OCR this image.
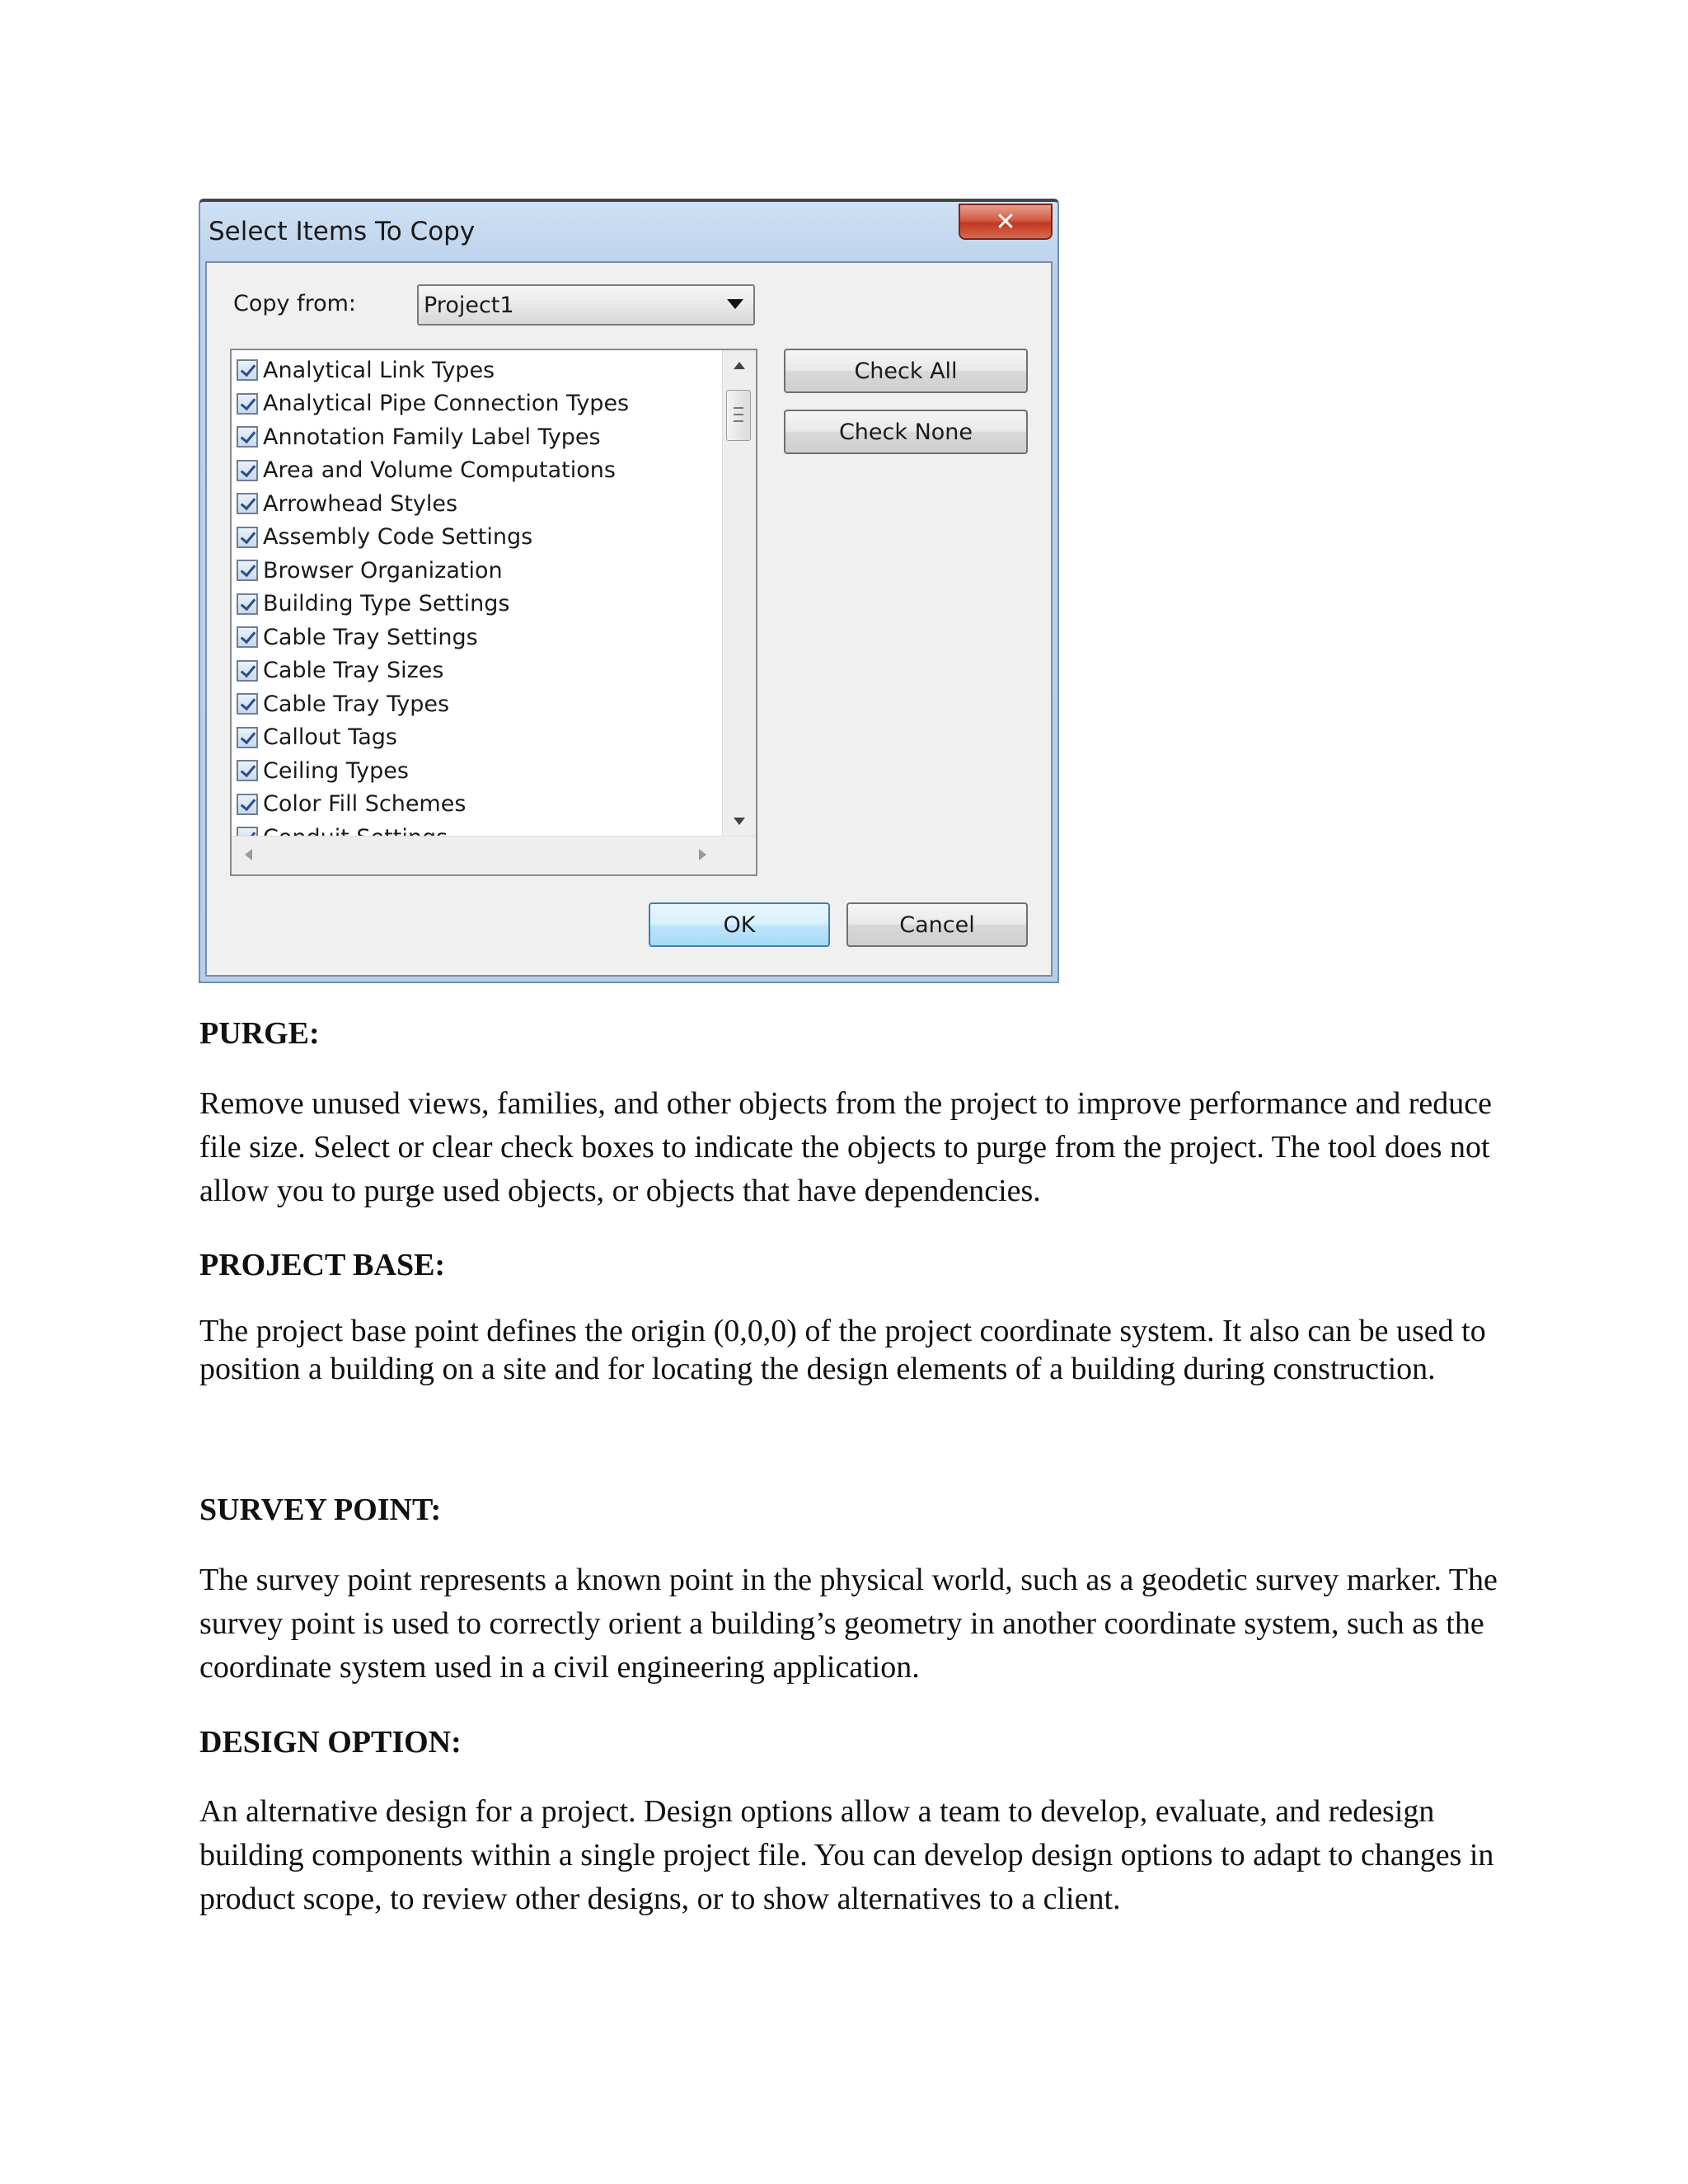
Select Items To Copy	✕
Copy from:	Project1
Analytical Link Types
Analytical Pipe Connection Types
Annotation Family Label Types
Area and Volume Computations
Arrowhead Styles
Assembly Code Settings
Browser Organization
Building Type Settings
Cable Tray Settings
Cable Tray Sizes
Cable Tray Types
Callout Tags
Ceiling Types
Color Fill Schemes
Check All
Check None
OK	Cancel

PURGE:

Remove unused views, families, and other objects from the project to improve performance and reduce file size. Select or clear check boxes to indicate the objects to purge from the project. The tool does not allow you to purge used objects, or objects that have dependencies.

PROJECT BASE:

The project base point defines the origin (0,0,0) of the project coordinate system. It also can be used to position a building on a site and for locating the design elements of a building during construction.

SURVEY POINT:

The survey point represents a known point in the physical world, such as a geodetic survey marker. The survey point is used to correctly orient a building’s geometry in another coordinate system, such as the coordinate system used in a civil engineering application.

DESIGN OPTION:

An alternative design for a project. Design options allow a team to develop, evaluate, and redesign building components within a single project file. You can develop design options to adapt to changes in product scope, to review other designs, or to show alternatives to a client.
